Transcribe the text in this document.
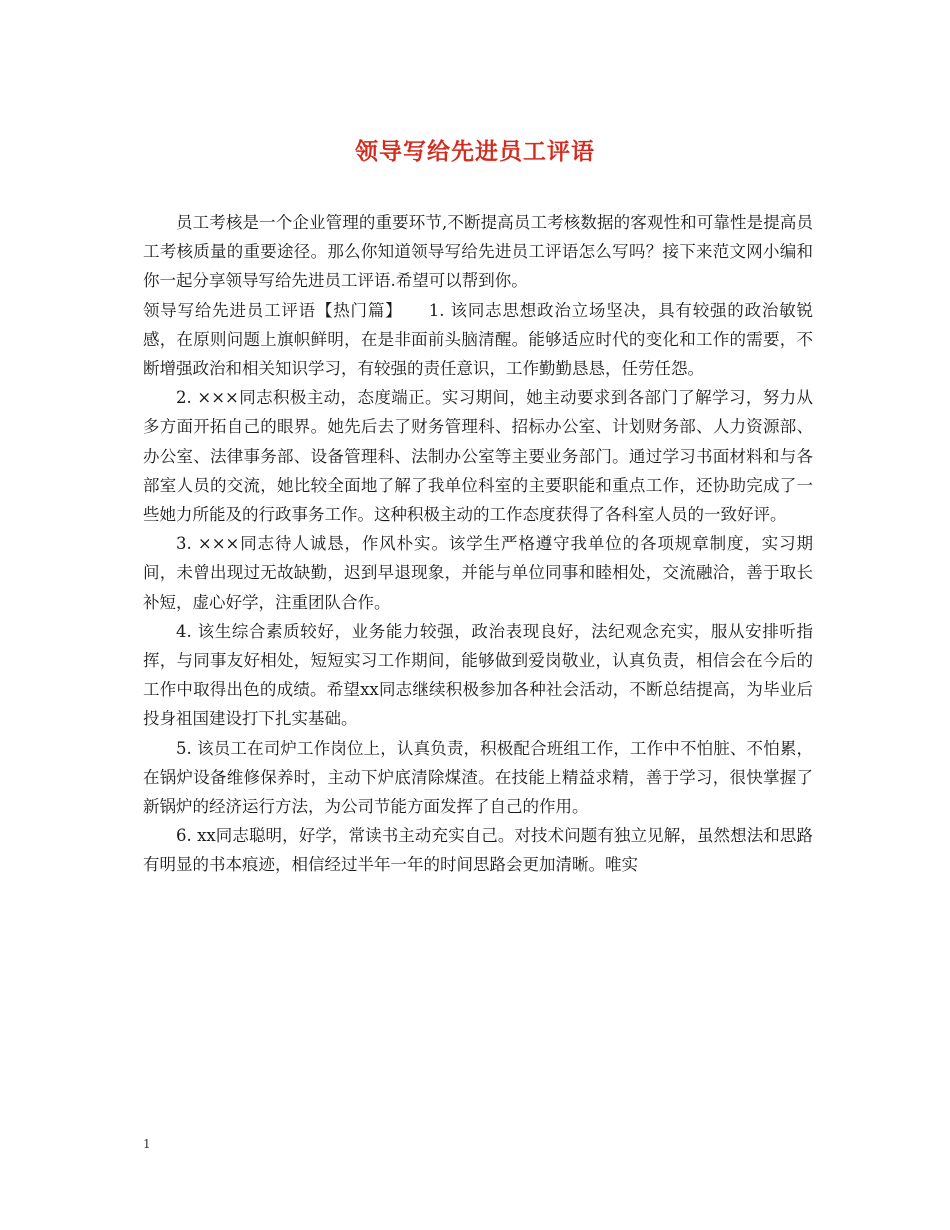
领导写给先进员工评语

员工考核是一个企业管理的重要环节,不断提高员工考核数据的客观性和可靠性是提高员工考核质量的重要途径。那么你知道领导写给先进员工评语怎么写吗？接下来范文网小编和你一起分享领导写给先进员工评语.希望可以帮到你。

领导写给先进员工评语【热门篇】　　1. 该同志思想政治立场坚决，具有较强的政治敏锐感，在原则问题上旗帜鲜明，在是非面前头脑清醒。能够适应时代的变化和工作的需要，不断增强政治和相关知识学习，有较强的责任意识，工作勤勤恳恳，任劳任怨。

2. ×××同志积极主动，态度端正。实习期间，她主动要求到各部门了解学习，努力从多方面开拓自己的眼界。她先后去了财务管理科、招标办公室、计划财务部、人力资源部、办公室、法律事务部、设备管理科、法制办公室等主要业务部门。通过学习书面材料和与各部室人员的交流，她比较全面地了解了我单位科室的主要职能和重点工作，还协助完成了一些她力所能及的行政事务工作。这种积极主动的工作态度获得了各科室人员的一致好评。

3. ×××同志待人诚恳，作风朴实。该学生严格遵守我单位的各项规章制度，实习期间，未曾出现过无故缺勤，迟到早退现象，并能与单位同事和睦相处，交流融洽，善于取长补短，虚心好学，注重团队合作。

4. 该生综合素质较好，业务能力较强，政治表现良好，法纪观念充实，服从安排听指挥，与同事友好相处，短短实习工作期间，能够做到爱岗敬业，认真负责，相信会在今后的工作中取得出色的成绩。希望xx同志继续积极参加各种社会活动，不断总结提高，为毕业后投身祖国建设打下扎实基础。

5. 该员工在司炉工作岗位上，认真负责，积极配合班组工作，工作中不怕脏、不怕累，在锅炉设备维修保养时，主动下炉底清除煤渣。在技能上精益求精，善于学习，很快掌握了新锅炉的经济运行方法，为公司节能方面发挥了自己的作用。

6. xx同志聪明，好学，常读书主动充实自己。对技术问题有独立见解，虽然想法和思路有明显的书本痕迹，相信经过半年一年的时间思路会更加清晰。唯实

1
